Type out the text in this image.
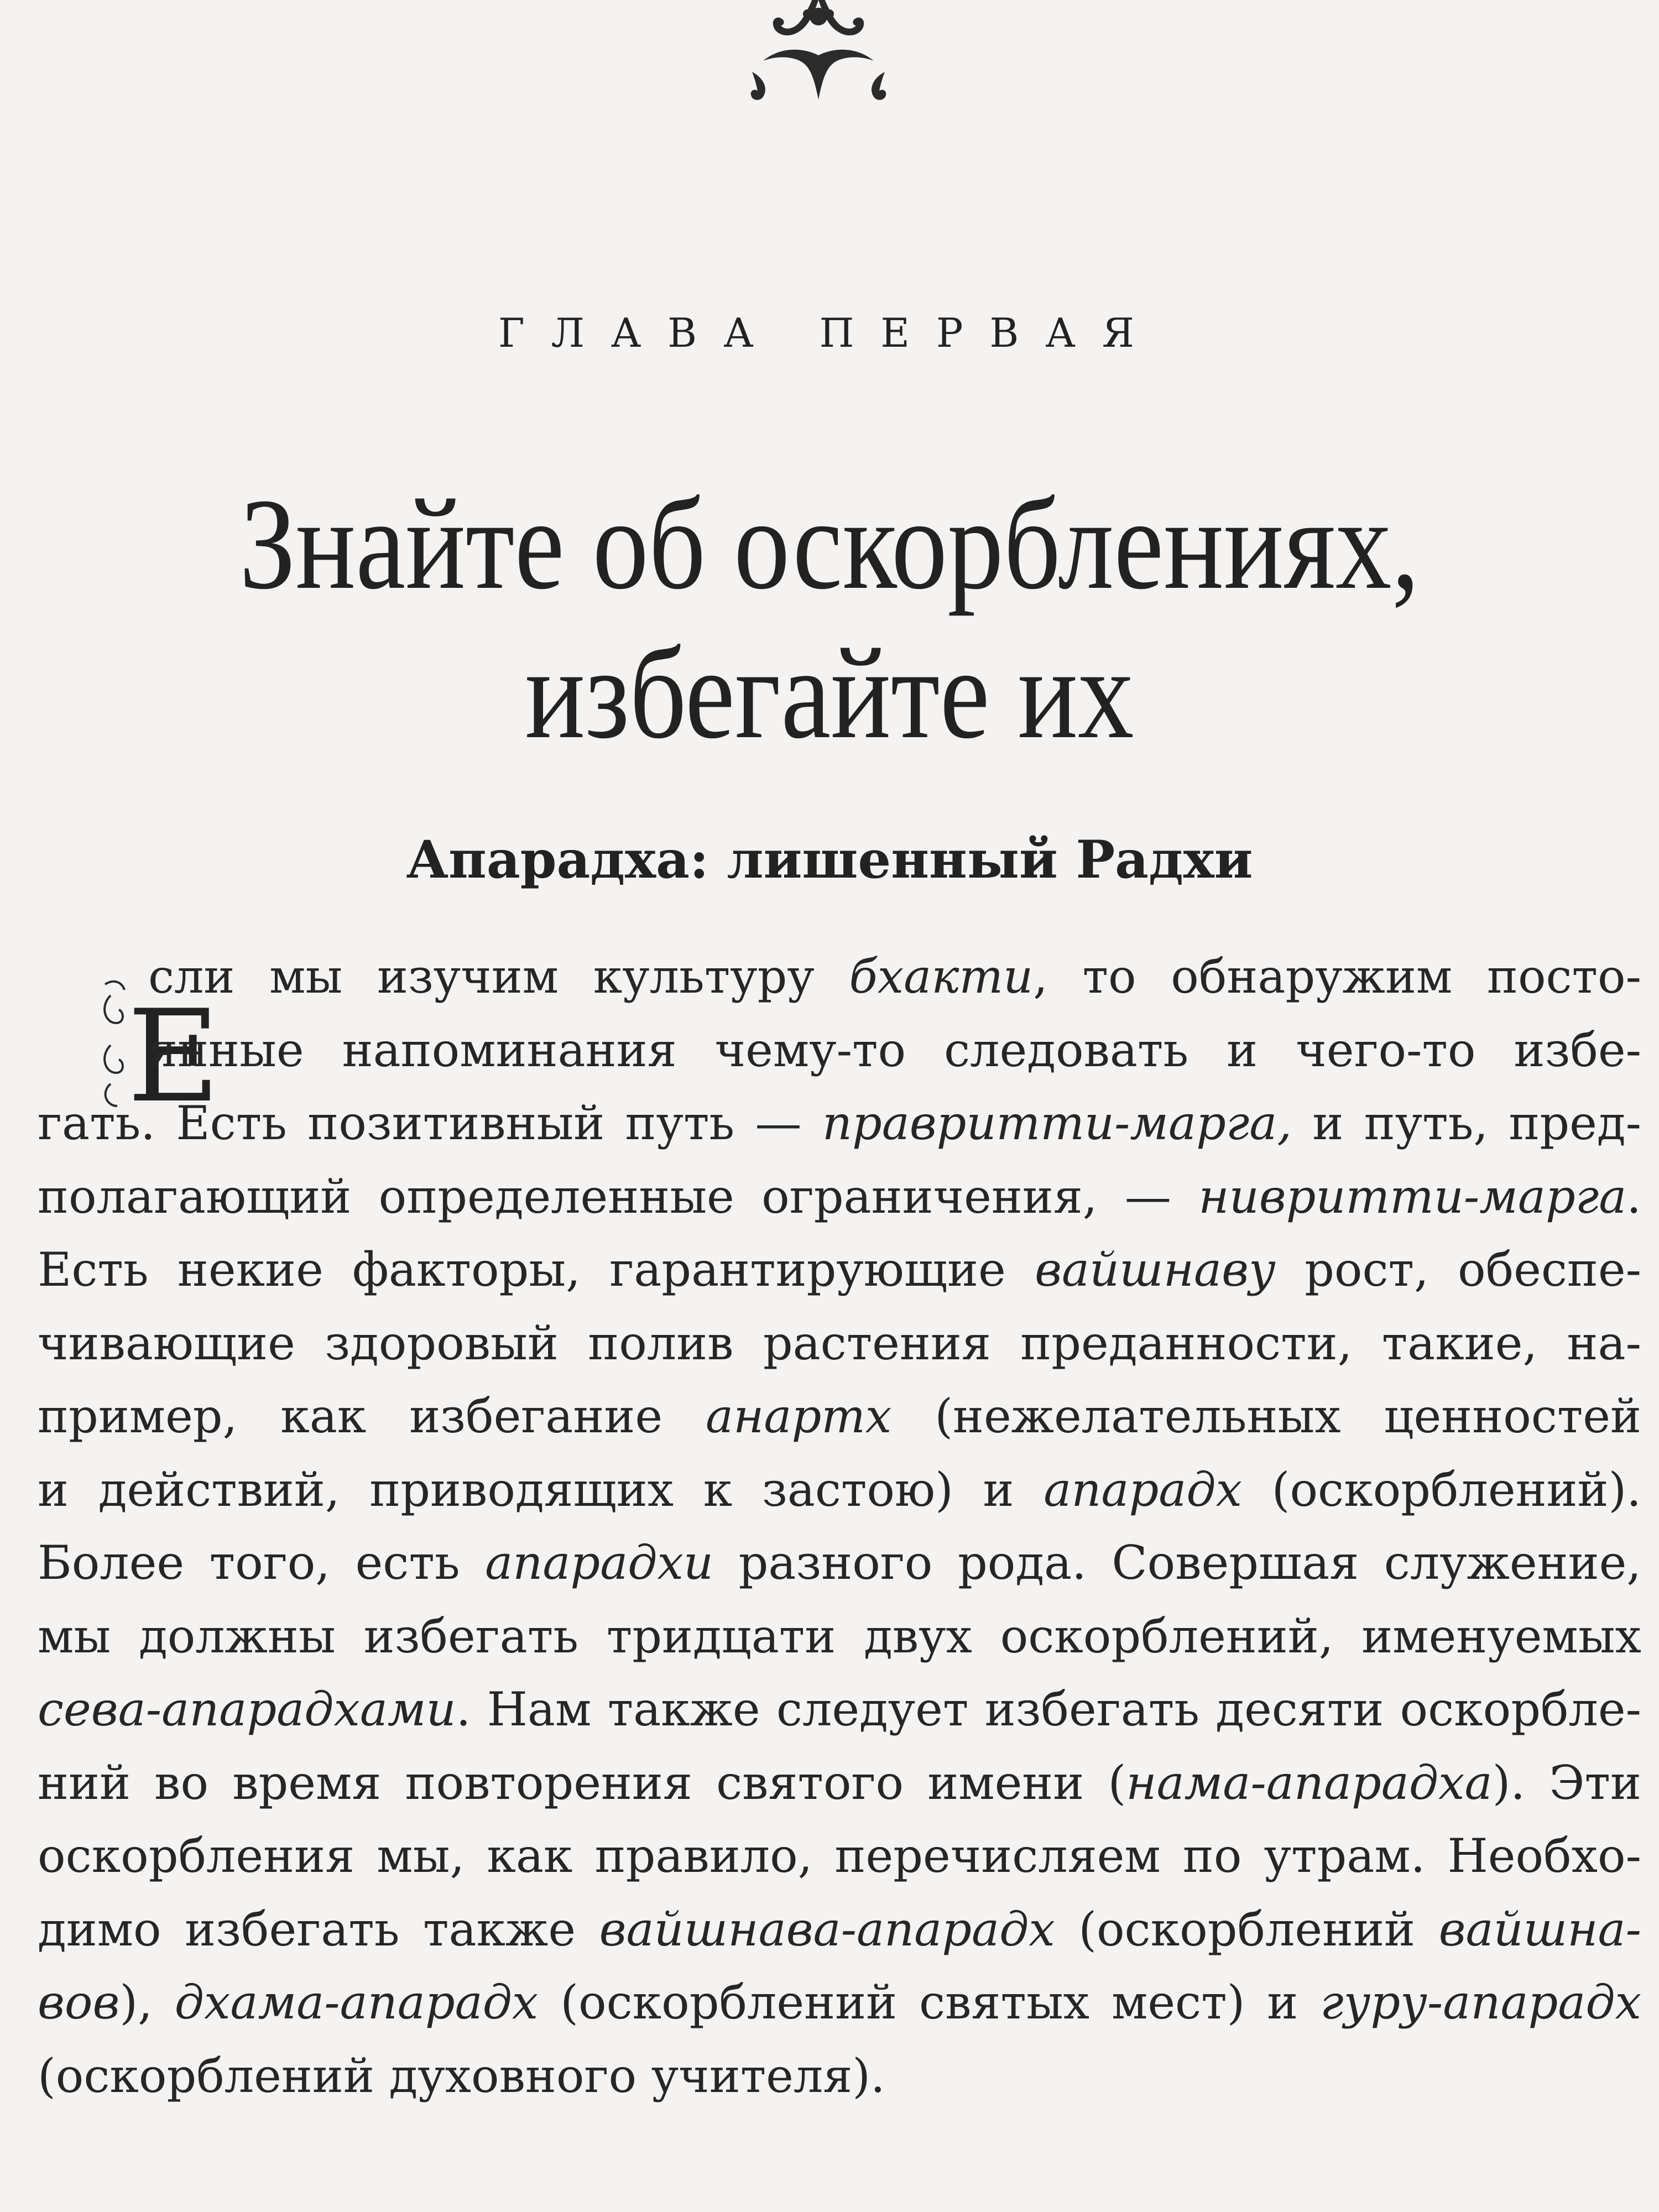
ГЛАВА ПЕРВАЯ
Знайте об оскорблениях,
избегайте их
Апарадха: лишенный Радхи
Е
сли мы изучим культуру бхакти, то обнаружим посто-
янные напоминания чему-то следовать и чего-то избе-
гать. Есть позитивный путь — правритти-марга, и путь, пред-
полагающий определенные ограничения, — нивритти-марга.
Есть некие факторы, гарантирующие вайшнаву рост, обеспе-
чивающие здоровый полив растения преданности, такие, на-
пример, как избегание анартх (нежелательных ценностей
и действий, приводящих к застою) и апарадх (оскорблений).
Более того, есть апарадхи разного рода. Совершая служение,
мы должны избегать тридцати двух оскорблений, именуемых
сева-апарадхами. Нам также следует избегать десяти оскорбле-
ний во время повторения святого имени (нама-апарадха). Эти
оскорбления мы, как правило, перечисляем по утрам. Необхо-
димо избегать также вайшнава-апарадх (оскорблений вайшна-
вов), дхама-апарадх (оскорблений святых мест) и гуру-апарадх
(оскорблений духовного учителя).
